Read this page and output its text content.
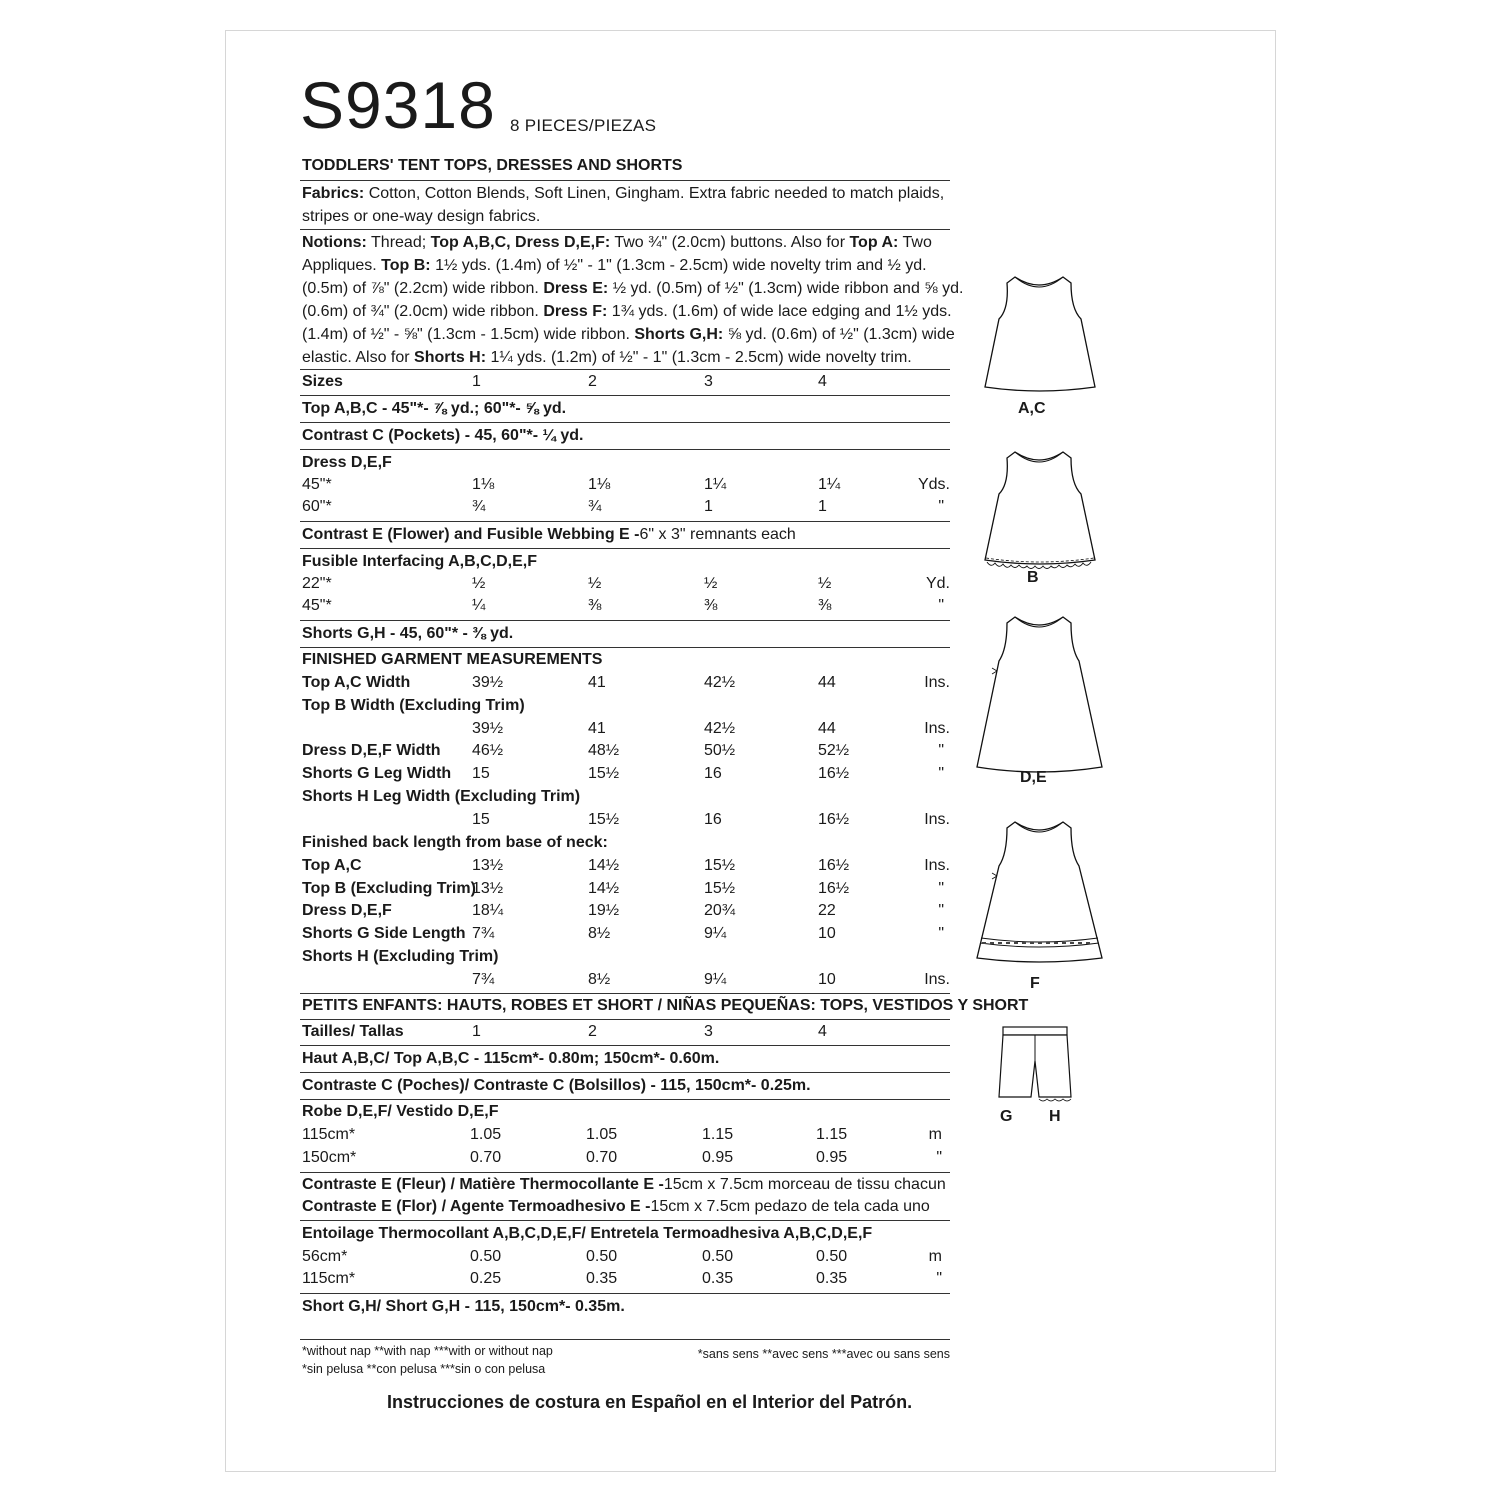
S9318 8 PIECES/PIEZAS
TODDLERS' TENT TOPS, DRESSES AND SHORTS
Fabrics: Cotton, Cotton Blends, Soft Linen, Gingham. Extra fabric needed to match plaids, stripes or one-way design fabrics.
Notions: Thread; Top A,B,C, Dress D,E,F: Two ¾" (2.0cm) buttons. Also for Top A: Two
Appliques. Top B: 1½ yds. (1.4m) of ½" - 1" (1.3cm - 2.5cm) wide novelty trim and ½ yd.
(0.5m) of ⅞" (2.2cm) wide ribbon. Dress E: ½ yd. (0.5m) of ½" (1.3cm) wide ribbon and ⅝ yd.
(0.6m) of ¾" (2.0cm) wide ribbon. Dress F: 1¾ yds. (1.6m) of wide lace edging and 1½ yds.
(1.4m) of ½" - ⅝" (1.3cm - 1.5cm) wide ribbon. Shorts G,H: ⅝ yd. (0.6m) of ½" (1.3cm) wide
elastic. Also for Shorts H: 1¼ yds. (1.2m) of ½" - 1" (1.3cm - 2.5cm) wide novelty trim.
Sizes	1	2	3	4
Top A,B,C - 45"*- ⅞ yd.; 60"*- ⅝ yd.
Contrast C (Pockets) - 45, 60"*- ¼ yd.
Dress D,E,F
45"*	1⅛	1⅛	1¼	1¼	Yds.
60"*	¾	¾	1	1	"
Contrast E (Flower) and Fusible Webbing E - 6" x 3" remnants each
Fusible Interfacing A,B,C,D,E,F
22"*	½	½	½	½	Yd.
45"*	¼	⅜	⅜	⅜	"
Shorts G,H - 45, 60"* - ⅜ yd.
FINISHED GARMENT MEASUREMENTS
Top A,C Width	39½	41	42½	44	Ins.
Top B Width (Excluding Trim)
39½	41	42½	44	Ins.
Dress D,E,F Width 46½	48½	50½	52½	"
Shorts G Leg Width 15	15½	16	16½	"
Shorts H Leg Width (Excluding Trim)
15	15½	16	16½	Ins.
Finished back length from base of neck:
Top A,C	13½	14½	15½	16½	Ins.
Top B (Excluding Trim)
13½	14½	15½	16½	"
Dress D,E,F	18¼	19½	20¾	22	"
Shorts G Side Length 7¾	8½	9¼	10	"
Shorts H (Excluding Trim)
7¾	8½	9¼	10	Ins.
PETITS ENFANTS: HAUTS, ROBES ET SHORT / NIÑAS PEQUEÑAS: TOPS, VESTIDOS Y SHORT
Tailles/ Tallas	1	2	3	4
Haut A,B,C/ Top A,B,C - 115cm*- 0.80m; 150cm*- 0.60m.
Contraste C (Poches)/ Contraste C (Bolsillos) - 115, 150cm*- 0.25m.
Robe D,E,F/ Vestido D,E,F
115cm*	1.05	1.05	1.15	1.15	m
150cm*	0.70	0.70	0.95	0.95	"
Contraste E (Fleur) / Matière Thermocollante E - 15cm x 7.5cm morceau de tissu chacun
Contraste E (Flor) / Agente Termoadhesivo E - 15cm x 7.5cm pedazo de tela cada uno
Entoilage Thermocollant A,B,C,D,E,F/ Entretela Termoadhesiva A,B,C,D,E,F
56cm*	0.50	0.50	0.50	0.50	m
115cm*	0.25	0.35	0.35	0.35	"
Short G,H/ Short G,H - 115, 150cm*- 0.35m.
*without nap **with nap ***with or without nap
*sin pelusa **con pelusa ***sin o con pelusa
*sans sens **avec sens ***avec ou sans sens
Instrucciones de costura en Español en el Interior del Patrón.
A,C
B
D,E
F
G H
